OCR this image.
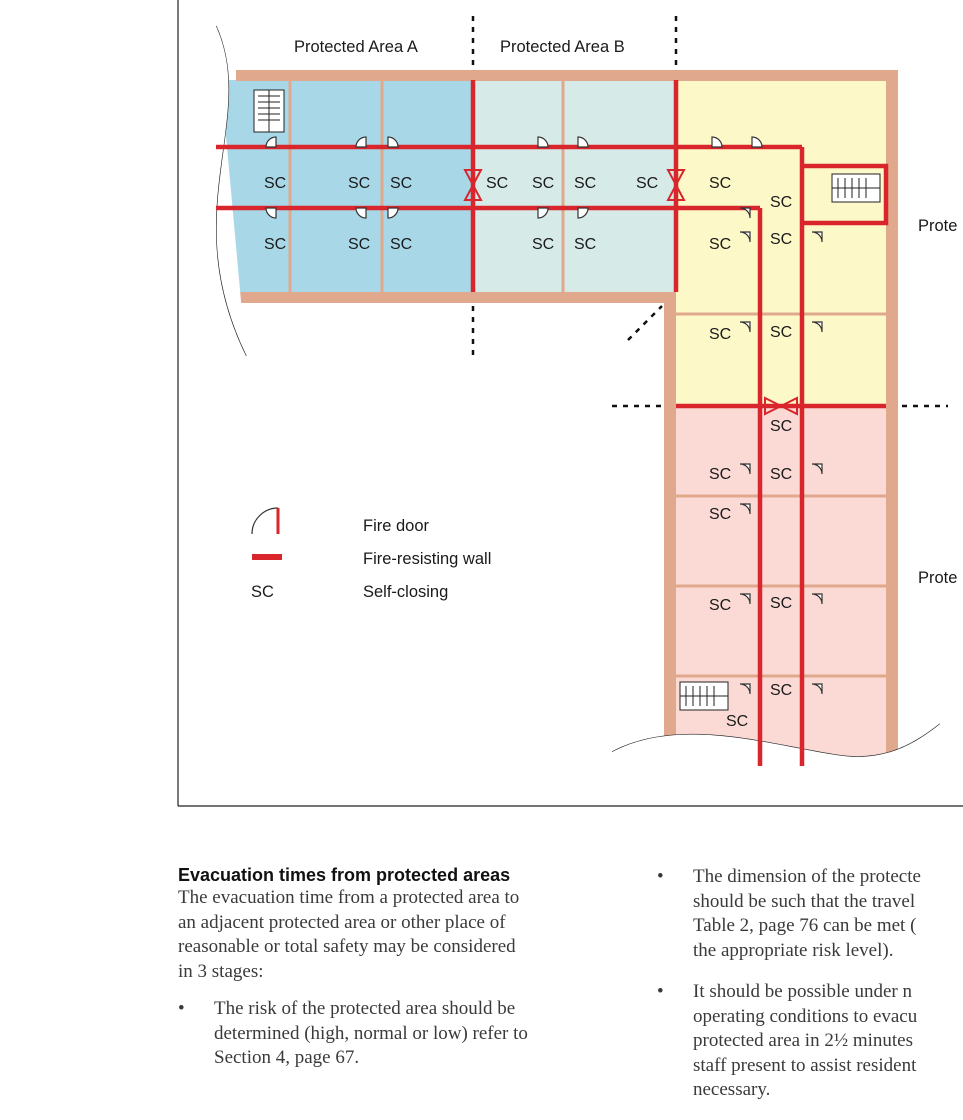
Protected Area A	Protected Area B
Prote
Prote
SC	SC SC	SC SC SC SC	SC
SC
SC	SC SC	SC SC	SC SC
SC SC
SC
SC SC
SC
SC SC
SC
SC
SC
Fire door
Fire-resisting wall
Self-closing
Evacuation times from protected areas

The evacuation time from a protected area to
an adjacent protected area or other place of
reasonable or total safety may be considered
in 3 stages:

• The risk of the protected area should be
determined (high, normal or low) refer to
Section 4, page 67.
• The dimension of the protecte
should be such that the travel
Table 2, page 76 can be met (
the appropriate risk level).
• It should be possible under n
operating conditions to evacu
protected area in 2½ minutes
staff present to assist resident
necessary.
